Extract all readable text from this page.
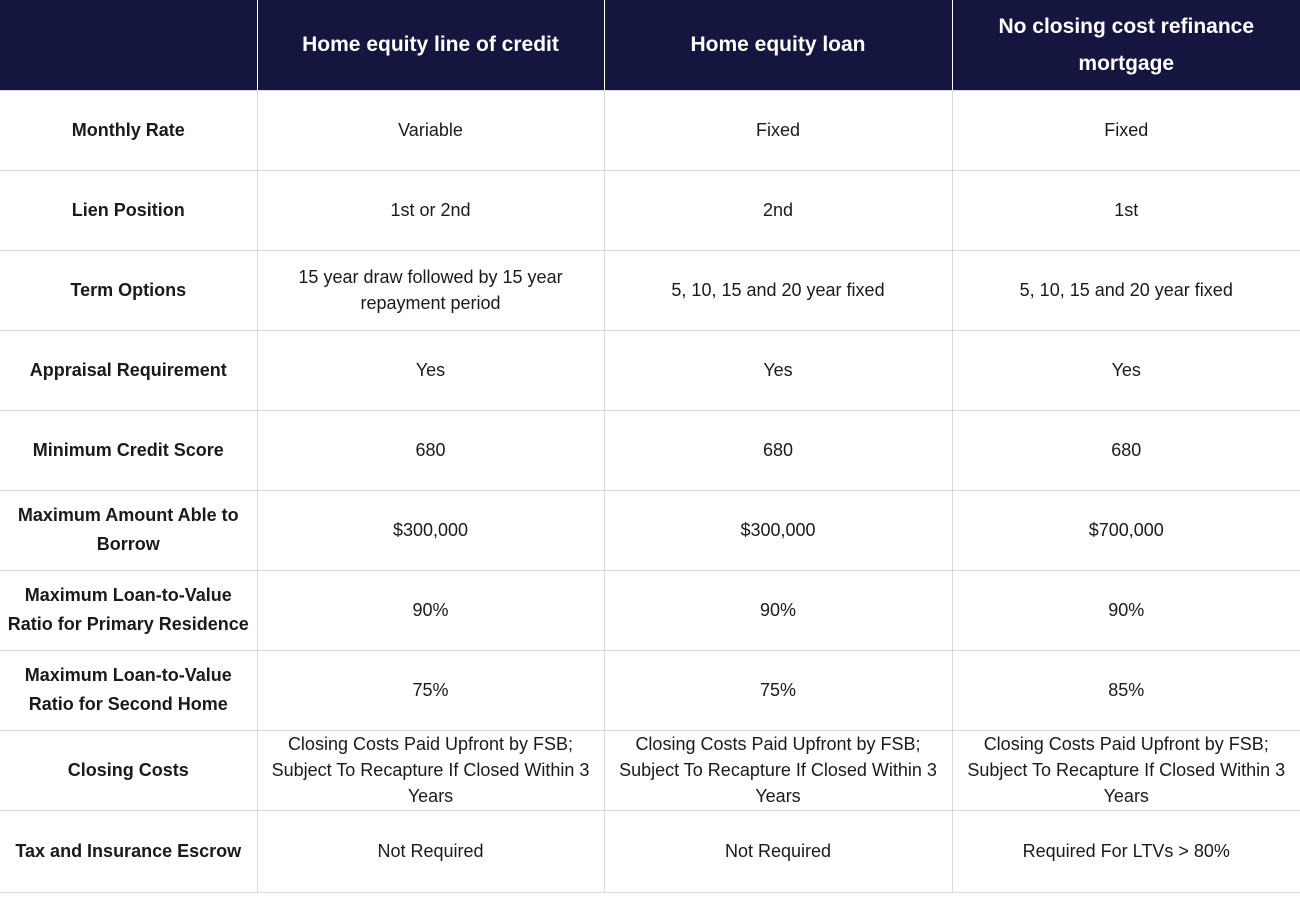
	Home equity line of credit	Home equity loan	No closing cost refinance mortgage
Monthly Rate	Variable	Fixed	Fixed
Lien Position	1st or 2nd	2nd	1st
Term Options	15 year draw followed by 15 year repayment period	5, 10, 15 and 20 year fixed	5, 10, 15 and 20 year fixed
Appraisal Requirement	Yes	Yes	Yes
Minimum Credit Score	680	680	680
Maximum Amount Able to Borrow	$300,000	$300,000	$700,000
Maximum Loan-to-Value Ratio for Primary Residence	90%	90%	90%
Maximum Loan-to-Value Ratio for Second Home	75%	75%	85%
Closing Costs	Closing Costs Paid Upfront by FSB; Subject To Recapture If Closed Within 3 Years	Closing Costs Paid Upfront by FSB; Subject To Recapture If Closed Within 3 Years	Closing Costs Paid Upfront by FSB; Subject To Recapture If Closed Within 3 Years
Tax and Insurance Escrow	Not Required	Not Required	Required For LTVs > 80%
